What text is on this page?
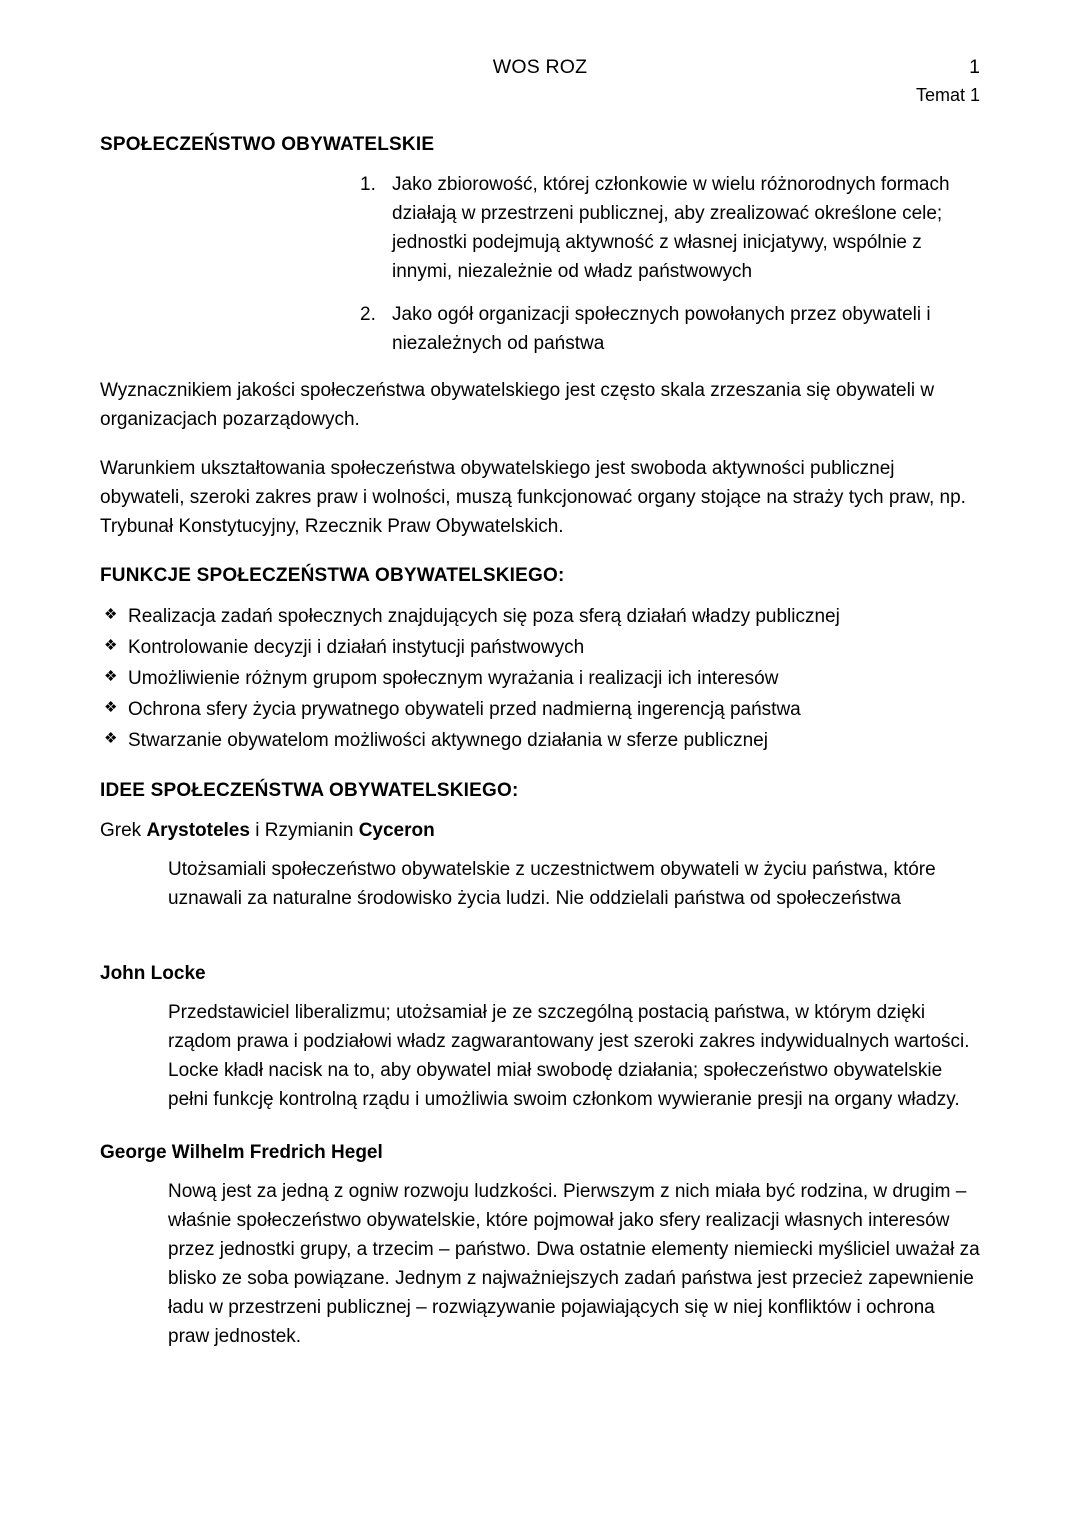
WOS ROZ	1
Temat 1
SPOŁECZEŃSTWO OBYWATELSKIE
1. Jako zbiorowość, której członkowie w wielu różnorodnych formach działają w przestrzeni publicznej, aby zrealizować określone cele; jednostki podejmują aktywność z własnej inicjatywy, wspólnie z innymi, niezależnie od władz państwowych
2. Jako ogół organizacji społecznych powołanych przez obywateli i niezależnych od państwa

Wyznacznikiem jakości społeczeństwa obywatelskiego jest często skala zrzeszania się obywateli w organizacjach pozarządowych.

Warunkiem ukształtowania społeczeństwa obywatelskiego jest swoboda aktywności publicznej obywateli, szeroki zakres praw i wolności, muszą funkcjonować organy stojące na straży tych praw, np. Trybunał Konstytucyjny, Rzecznik Praw Obywatelskich.

FUNKCJE SPOŁECZEŃSTWA OBYWATELSKIEGO:
❖ Realizacja zadań społecznych znajdujących się poza sferą działań władzy publicznej
❖ Kontrolowanie decyzji i działań instytucji państwowych
❖ Umożliwienie różnym grupom społecznym wyrażania i realizacji ich interesów
❖ Ochrona sfery życia prywatnego obywateli przed nadmierną ingerencją państwa
❖ Stwarzanie obywatelom możliwości aktywnego działania w sferze publicznej
IDEE SPOŁECZEŃSTWA OBYWATELSKIEGO:

Grek Arystoteles i Rzymianin Cyceron

Utożsamiali społeczeństwo obywatelskie z uczestnictwem obywateli w życiu państwa, które uznawali za naturalne środowisko życia ludzi. Nie oddzielali państwa od społeczeństwa

John Locke

Przedstawiciel liberalizmu; utożsamiał je ze szczególną postacią państwa, w którym dzięki rządom prawa i podziałowi władz zagwarantowany jest szeroki zakres indywidualnych wartości. Locke kładł nacisk na to, aby obywatel miał swobodę działania; społeczeństwo obywatelskie pełni funkcję kontrolną rządu i umożliwia swoim członkom wywieranie presji na organy władzy.

George Wilhelm Fredrich Hegel

Nową jest za jedną z ogniw rozwoju ludzkości. Pierwszym z nich miała być rodzina, w drugim – właśnie społeczeństwo obywatelskie, które pojmował jako sfery realizacji własnych interesów przez jednostki grupy, a trzecim – państwo. Dwa ostatnie elementy niemiecki myśliciel uważał za blisko ze soba powiązane. Jednym z najważniejszych zadań państwa jest przecież zapewnienie ładu w przestrzeni publicznej – rozwiązywanie pojawiających się w niej konfliktów i ochrona praw jednostek.
